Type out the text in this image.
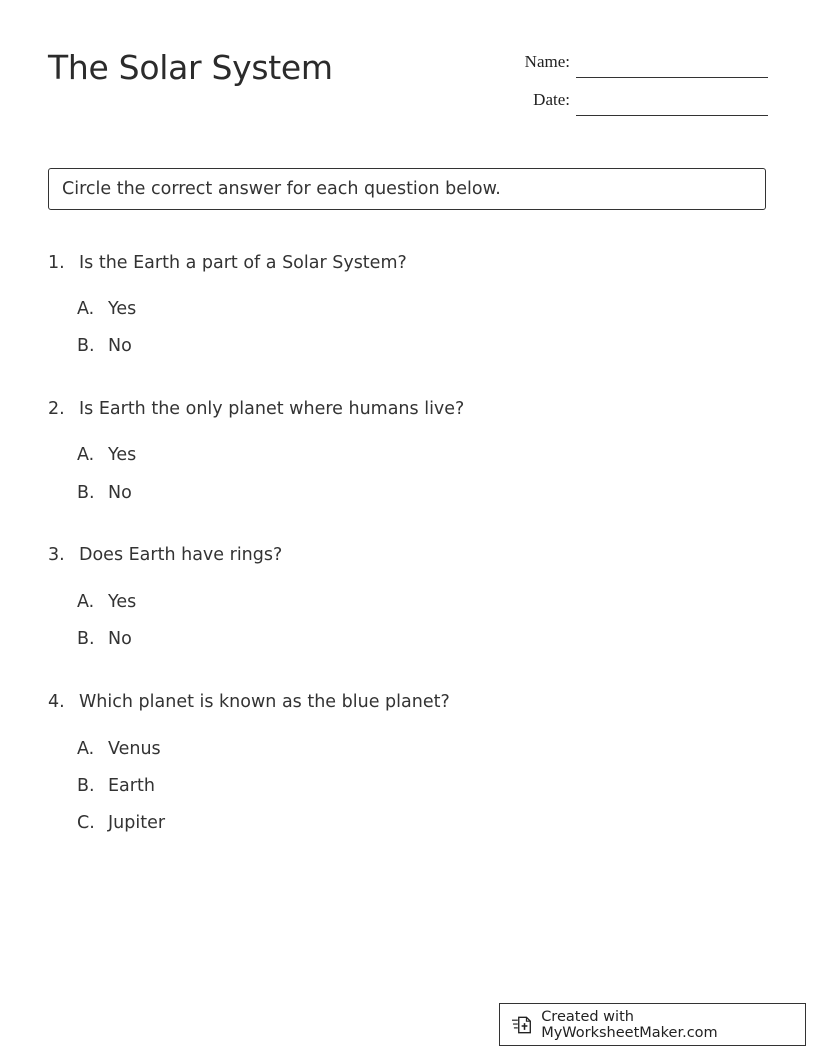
The Solar System	Name:
Date:
Circle the correct answer for each question below.
1. Is the Earth a part of a Solar System?
A. Yes
B. No
2. Is Earth the only planet where humans live?
A. Yes
B. No
3. Does Earth have rings?
A. Yes
B. No
4. Which planet is known as the blue planet?
A. Venus
B. Earth
C. Jupiter
Created with MyWorksheetMaker.com
